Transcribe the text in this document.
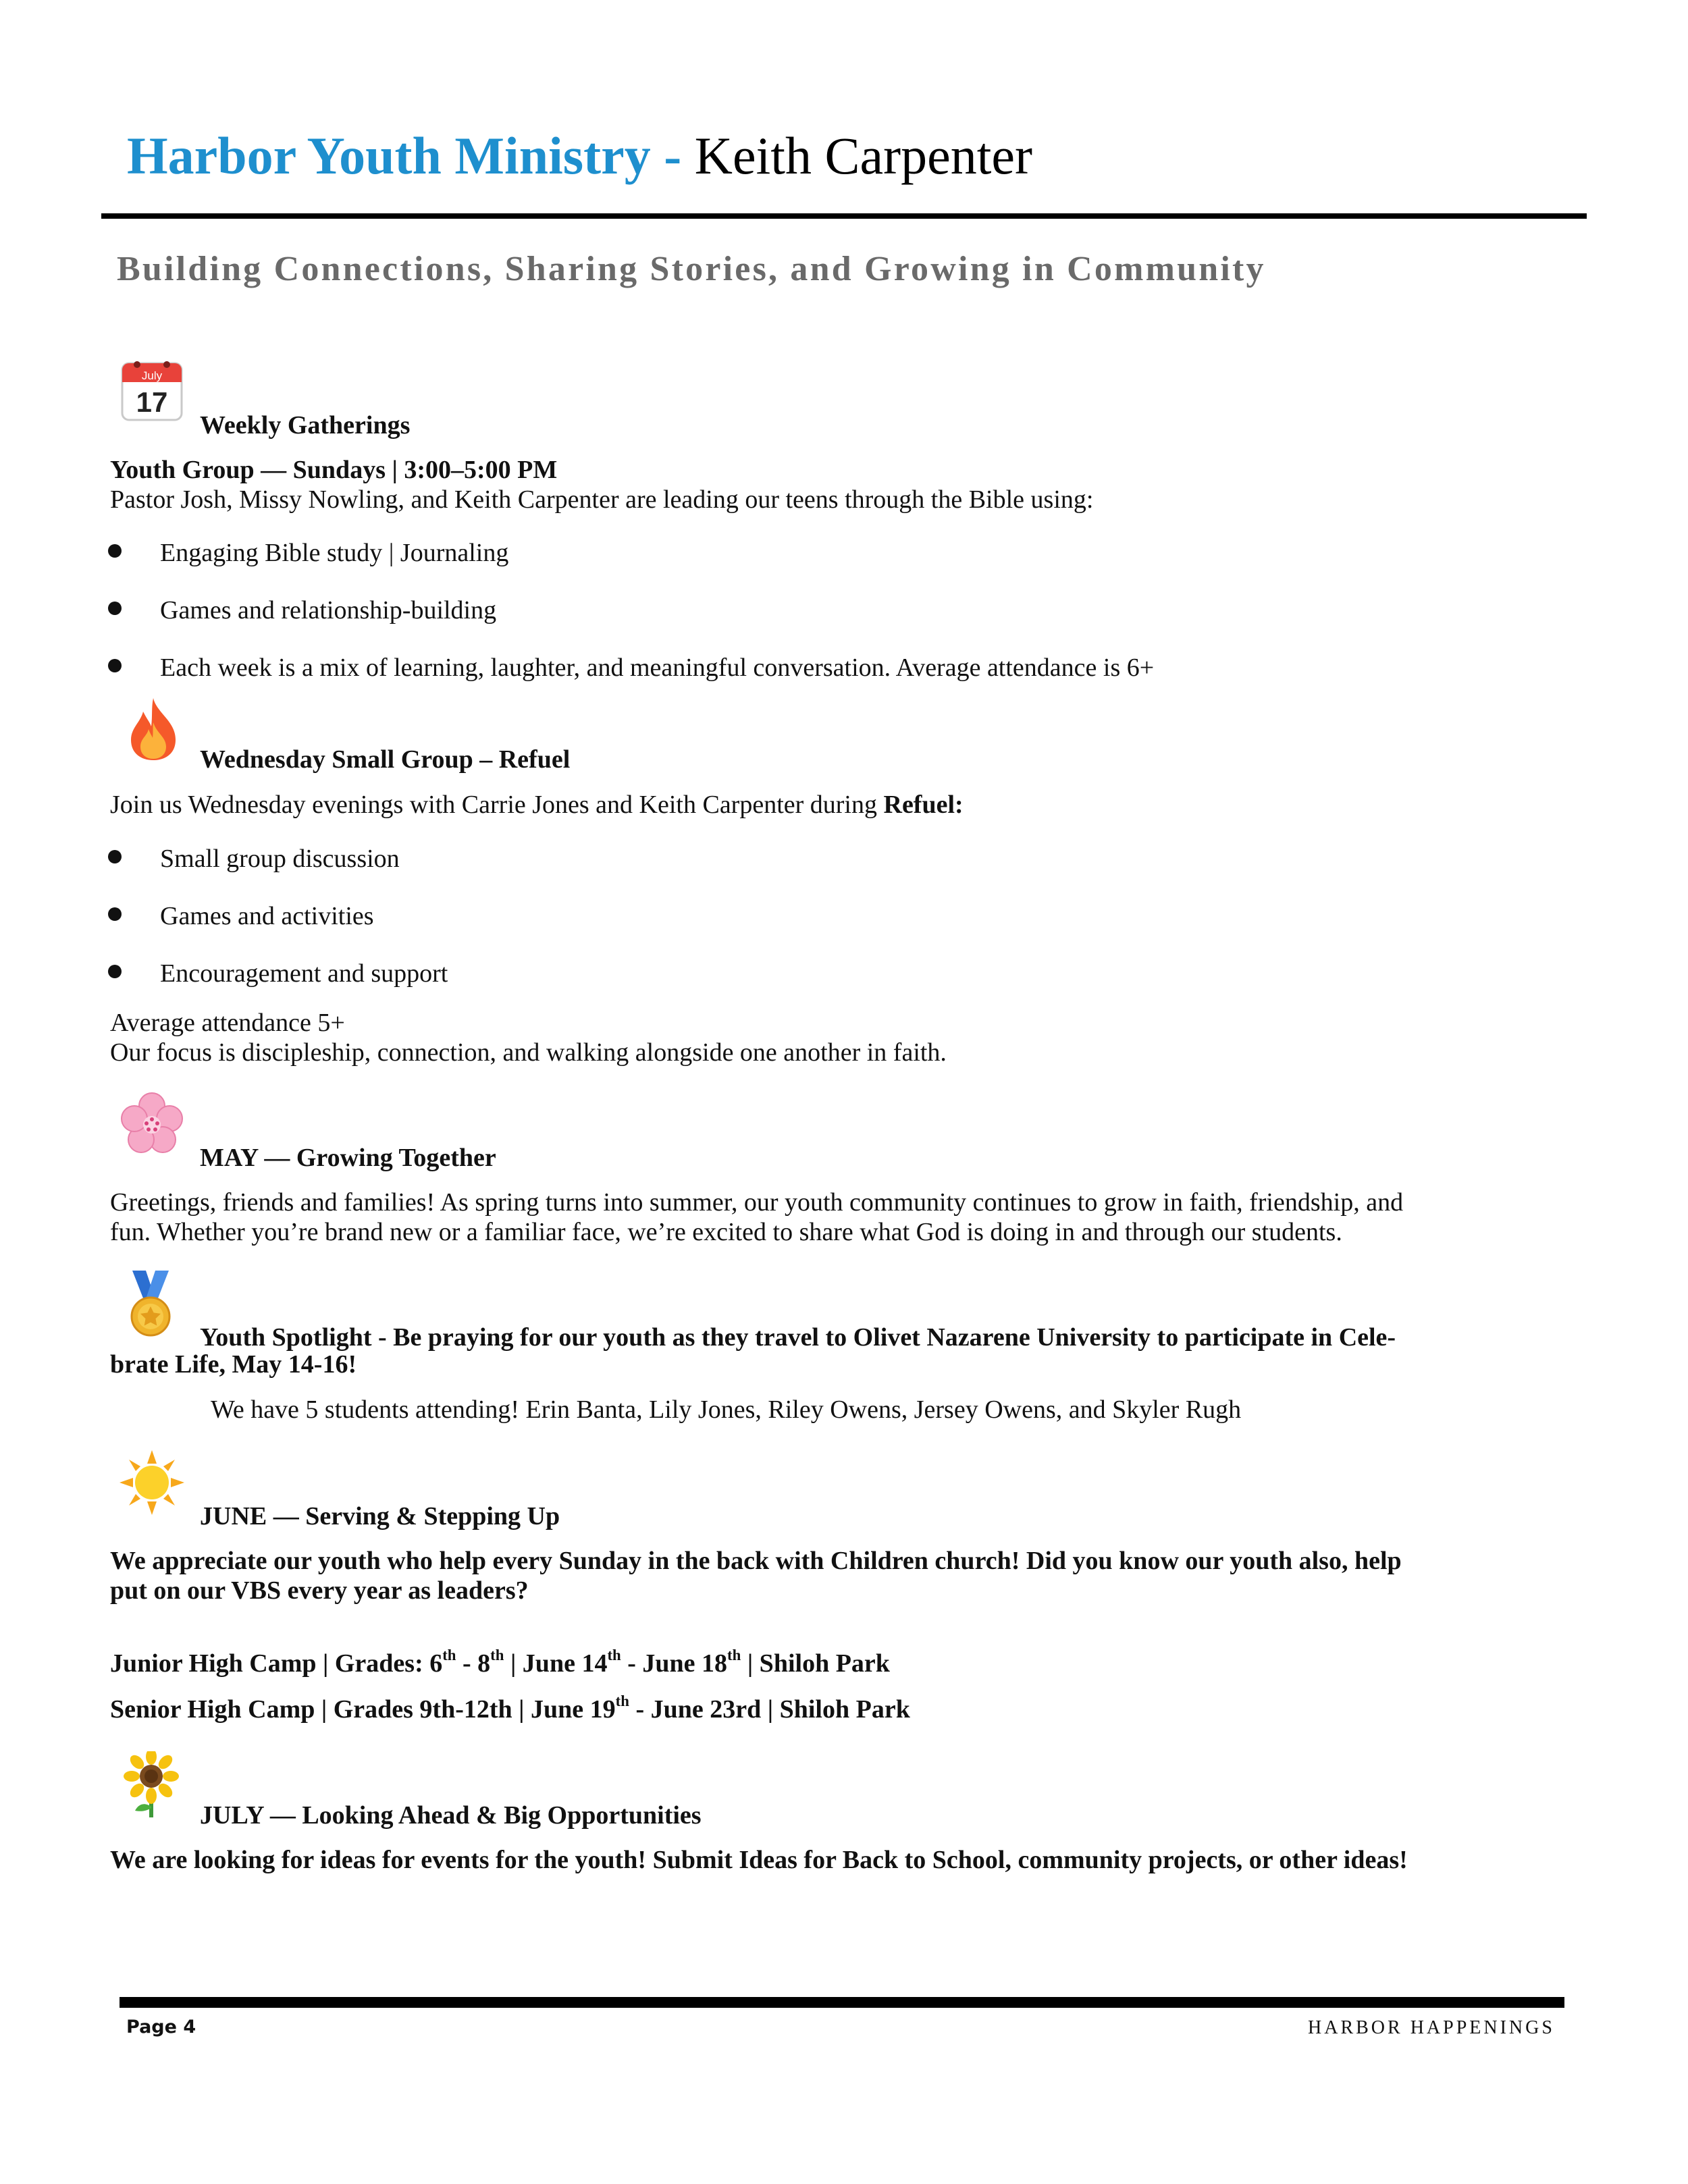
Harbor Youth Ministry - Keith Carpenter
Building Connections, Sharing Stories, and Growing in Community
July
17
Weekly Gatherings
Youth Group — Sundays | 3:00–5:00 PM
Pastor Josh, Missy Nowling, and Keith Carpenter are leading our teens through the Bible using:
Engaging Bible study | Journaling
Games and relationship-building
Each week is a mix of learning, laughter, and meaningful conversation. Average attendance is 6+
Wednesday Small Group – Refuel
Join us Wednesday evenings with Carrie Jones and Keith Carpenter during Refuel:
Small group discussion
Games and activities
Encouragement and support
Average attendance 5+
Our focus is discipleship, connection, and walking alongside one another in faith.
MAY — Growing Together
Greetings, friends and families! As spring turns into summer, our youth community continues to grow in faith, friendship, and
fun. Whether you’re brand new or a familiar face, we’re excited to share what God is doing in and through our students.
Youth Spotlight - Be praying for our youth as they travel to Olivet Nazarene University to participate in Cele-
brate Life, May 14-16!
We have 5 students attending! Erin Banta, Lily Jones, Riley Owens, Jersey Owens, and Skyler Rugh
JUNE — Serving & Stepping Up
We appreciate our youth who help every Sunday in the back with Children church! Did you know our youth also, help
put on our VBS every year as leaders?
Junior High Camp | Grades: 6th - 8th | June 14th - June 18th | Shiloh Park
Senior High Camp | Grades 9th-12th | June 19th - June 23rd | Shiloh Park
JULY — Looking Ahead & Big Opportunities
We are looking for ideas for events for the youth! Submit Ideas for Back to School, community projects, or other ideas!
Page 4	HARBOR HAPPENINGS
